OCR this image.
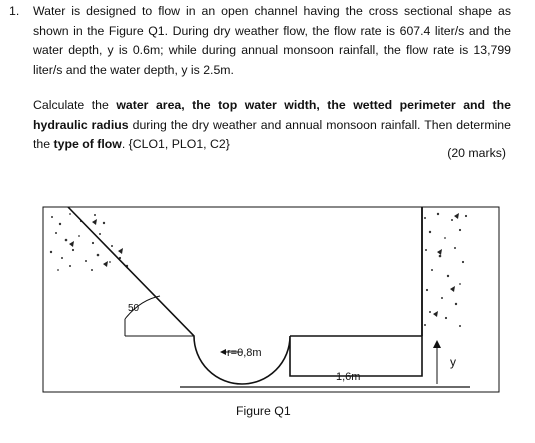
1. Water is designed to flow in an open channel having the cross sectional shape as shown in the Figure Q1. During dry weather flow, the flow rate is 607.4 liter/s and the water depth, y is 0.6m; while during annual monsoon rainfall, the flow rate is 13,799 liter/s and the water depth, y is 2.5m.

Calculate the water area, the top water width, the wetted perimeter and the hydraulic radius during the dry weather and annual monsoon rainfall. Then determine the type of flow. {CLO1, PLO1, C2}

(20 marks)
50
r=0,8m
1,6m
y
Figure Q1
